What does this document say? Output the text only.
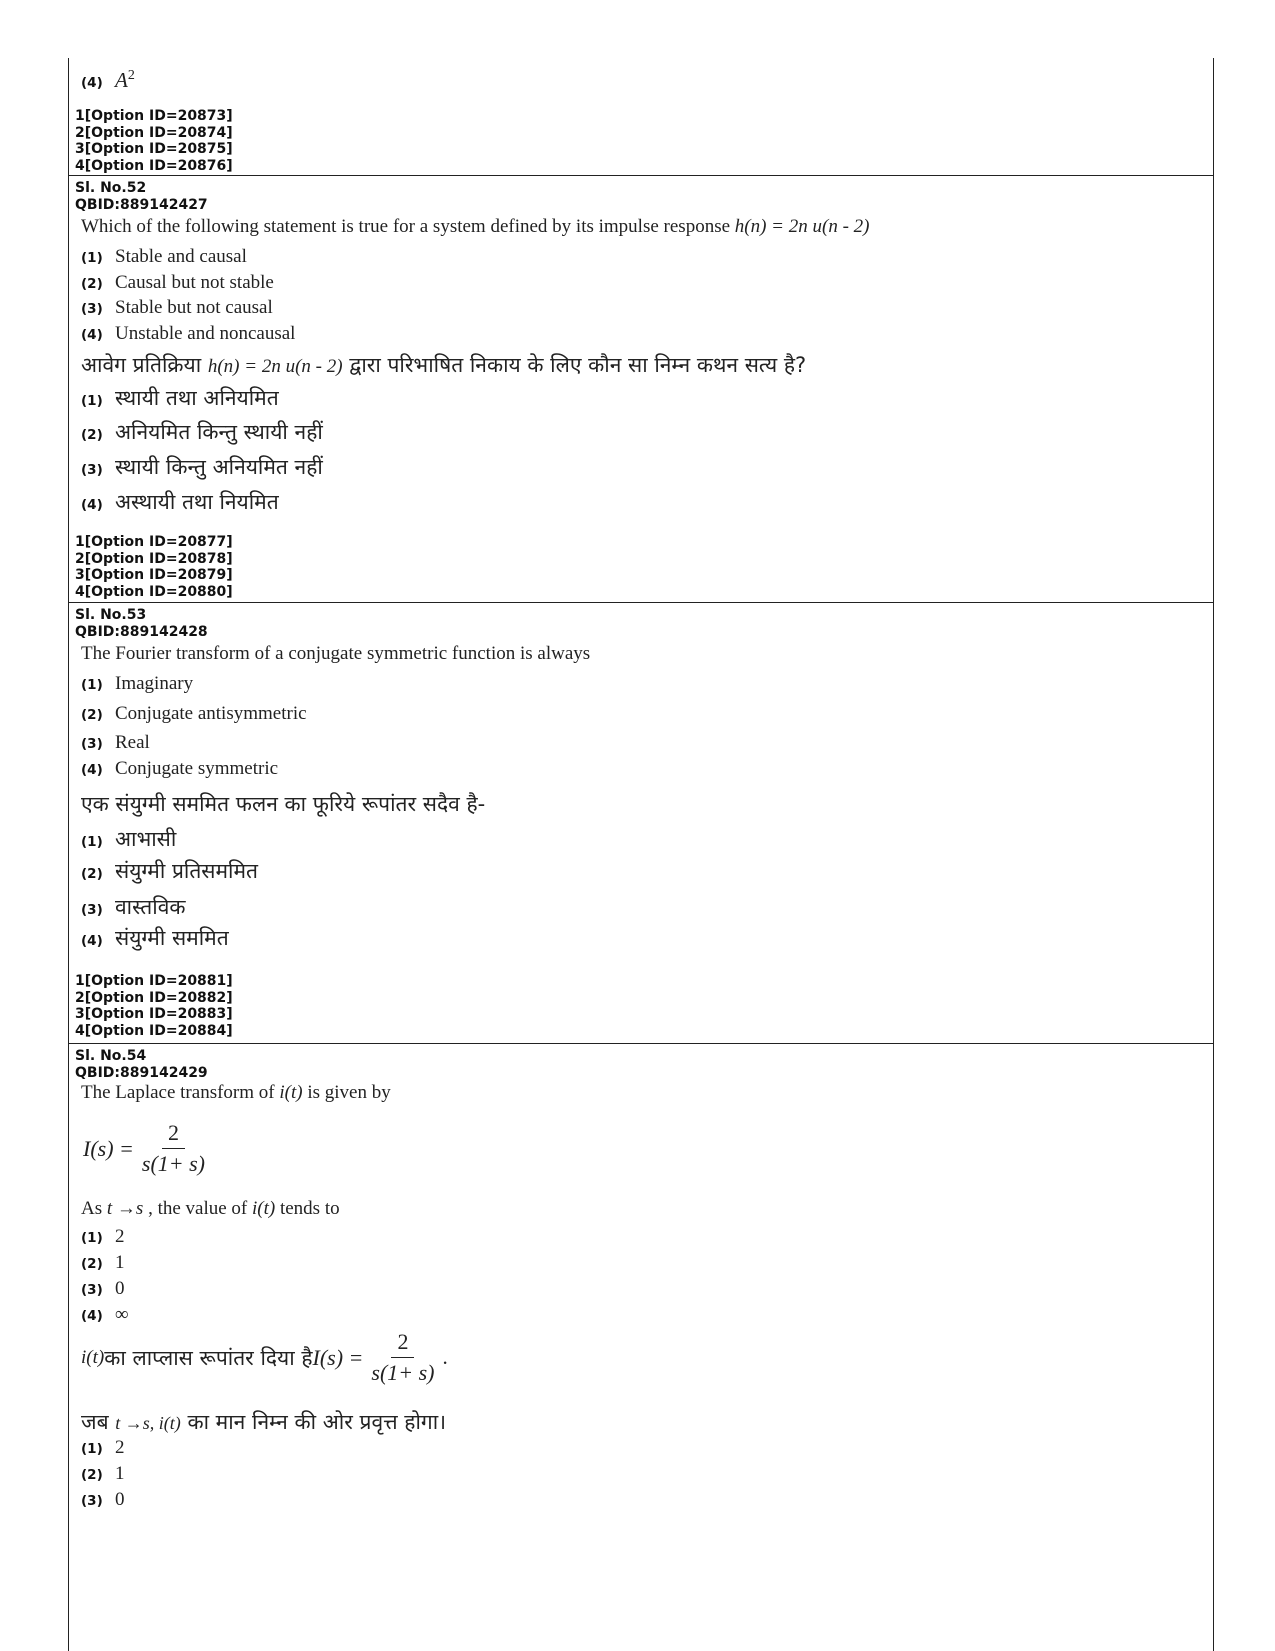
(4) $A^2$
1[Option ID=20873]
2[Option ID=20874]
3[Option ID=20875]
4[Option ID=20876]
Sl. No.52
QBID:889142427
Which of the following statement is true for a system defined by its impulse response h(n) = 2n u(n - 2)
(1) Stable and causal
(2) Causal but not stable
(3) Stable but not causal
(4) Unstable and noncausal
आवेग प्रतिक्रिया h(n) = 2n u(n - 2) द्वारा परिभाषित निकाय के लिए कौन सा निम्न कथन सत्य है?
(1) स्थायी तथा अनियमित
(2) अनियमित किन्तु स्थायी नहीं
(3) स्थायी किन्तु अनियमित नहीं
(4) अस्थायी तथा नियमित
1[Option ID=20877]
2[Option ID=20878]
3[Option ID=20879]
4[Option ID=20880]
Sl. No.53
QBID:889142428
The Fourier transform of a conjugate symmetric function is always
(1) Imaginary
(2) Conjugate antisymmetric
(3) Real
(4) Conjugate symmetric
एक संयुग्मी सममित फलन का फूरिये रूपांतर सदैव है-
(1) आभासी
(2) संयुग्मी प्रतिसममित
(3) वास्तविक
(4) संयुग्मी सममित
1[Option ID=20881]
2[Option ID=20882]
3[Option ID=20883]
4[Option ID=20884]
Sl. No.54
QBID:889142429
The Laplace transform of i(t) is given by
$I(s) = \frac{2}{s(1+ s)}$
As t →s , the value of i(t) tends to
(1) 2
(2) 1
(3) 0
(4) ∞
i(t) का लाप्लास रूपांतर दिया है $I(s) = \frac{2}{s(1+ s)}$ .
जब t →s, i(t) का मान निम्न की ओर प्रवृत्त होगा।
(1) 2
(2) 1
(3) 0
